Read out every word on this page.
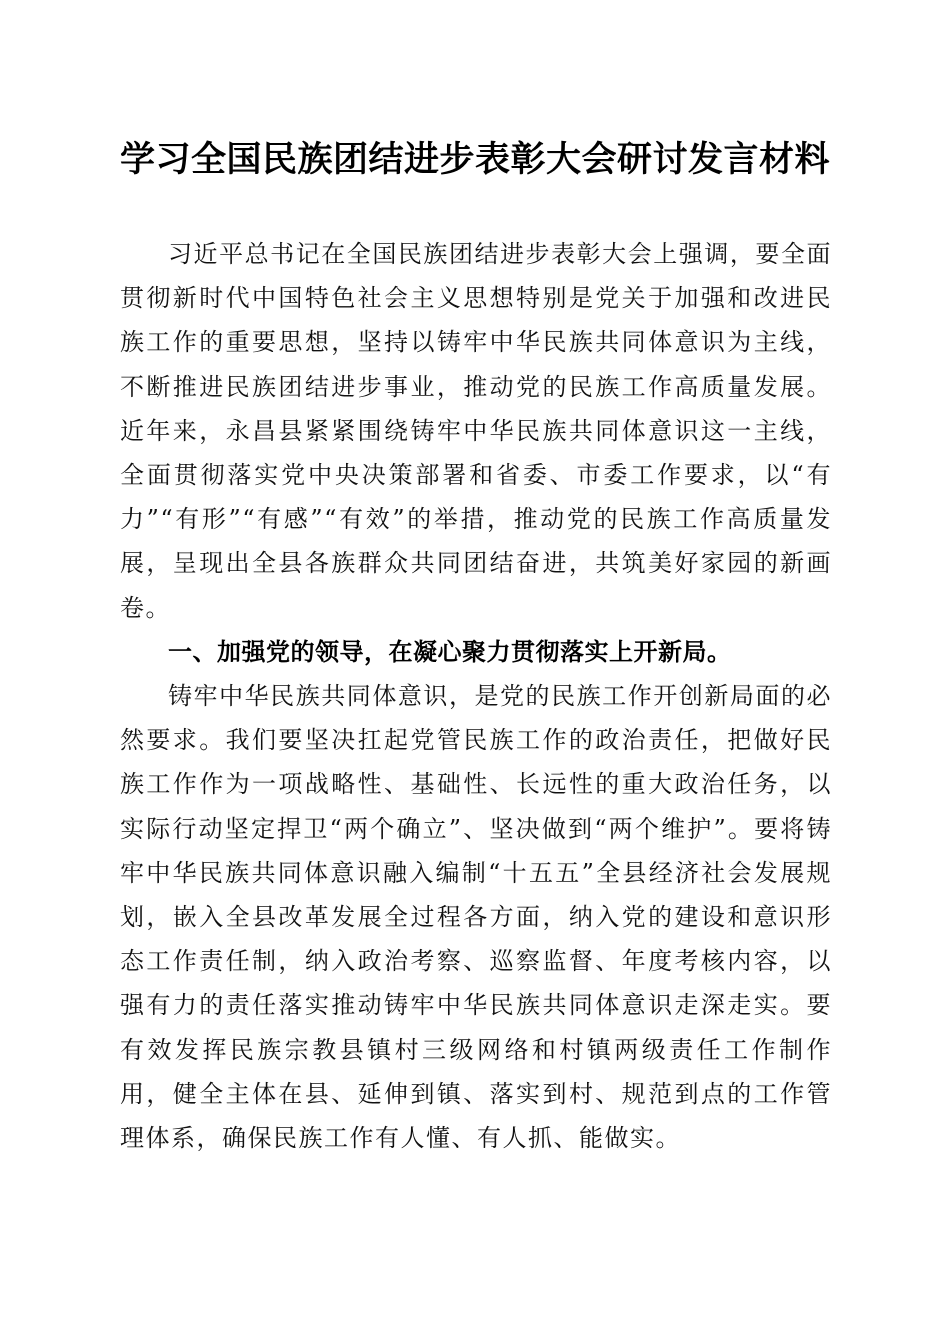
学习全国民族团结进步表彰大会研讨发言材料

习近平总书记在全国民族团结进步表彰大会上强调，要全面贯彻新时代中国特色社会主义思想特别是党关于加强和改进民族工作的重要思想，坚持以铸牢中华民族共同体意识为主线，不断推进民族团结进步事业，推动党的民族工作高质量发展。近年来，永昌县紧紧围绕铸牢中华民族共同体意识这一主线，全面贯彻落实党中央决策部署和省委、市委工作要求，以“有力”“有形”“有感”“有效”的举措，推动党的民族工作高质量发展，呈现出全县各族群众共同团结奋进，共筑美好家园的新画卷。

一、加强党的领导，在凝心聚力贯彻落实上开新局。

铸牢中华民族共同体意识，是党的民族工作开创新局面的必然要求。我们要坚决扛起党管民族工作的政治责任，把做好民族工作作为一项战略性、基础性、长远性的重大政治任务，以实际行动坚定捍卫“两个确立”、坚决做到“两个维护”。要将铸牢中华民族共同体意识融入编制“十五五”全县经济社会发展规划，嵌入全县改革发展全过程各方面，纳入党的建设和意识形态工作责任制，纳入政治考察、巡察监督、年度考核内容，以强有力的责任落实推动铸牢中华民族共同体意识走深走实。要有效发挥民族宗教县镇村三级网络和村镇两级责任工作制作用，健全主体在县、延伸到镇、落实到村、规范到点的工作管理体系，确保民族工作有人懂、有人抓、能做实。
